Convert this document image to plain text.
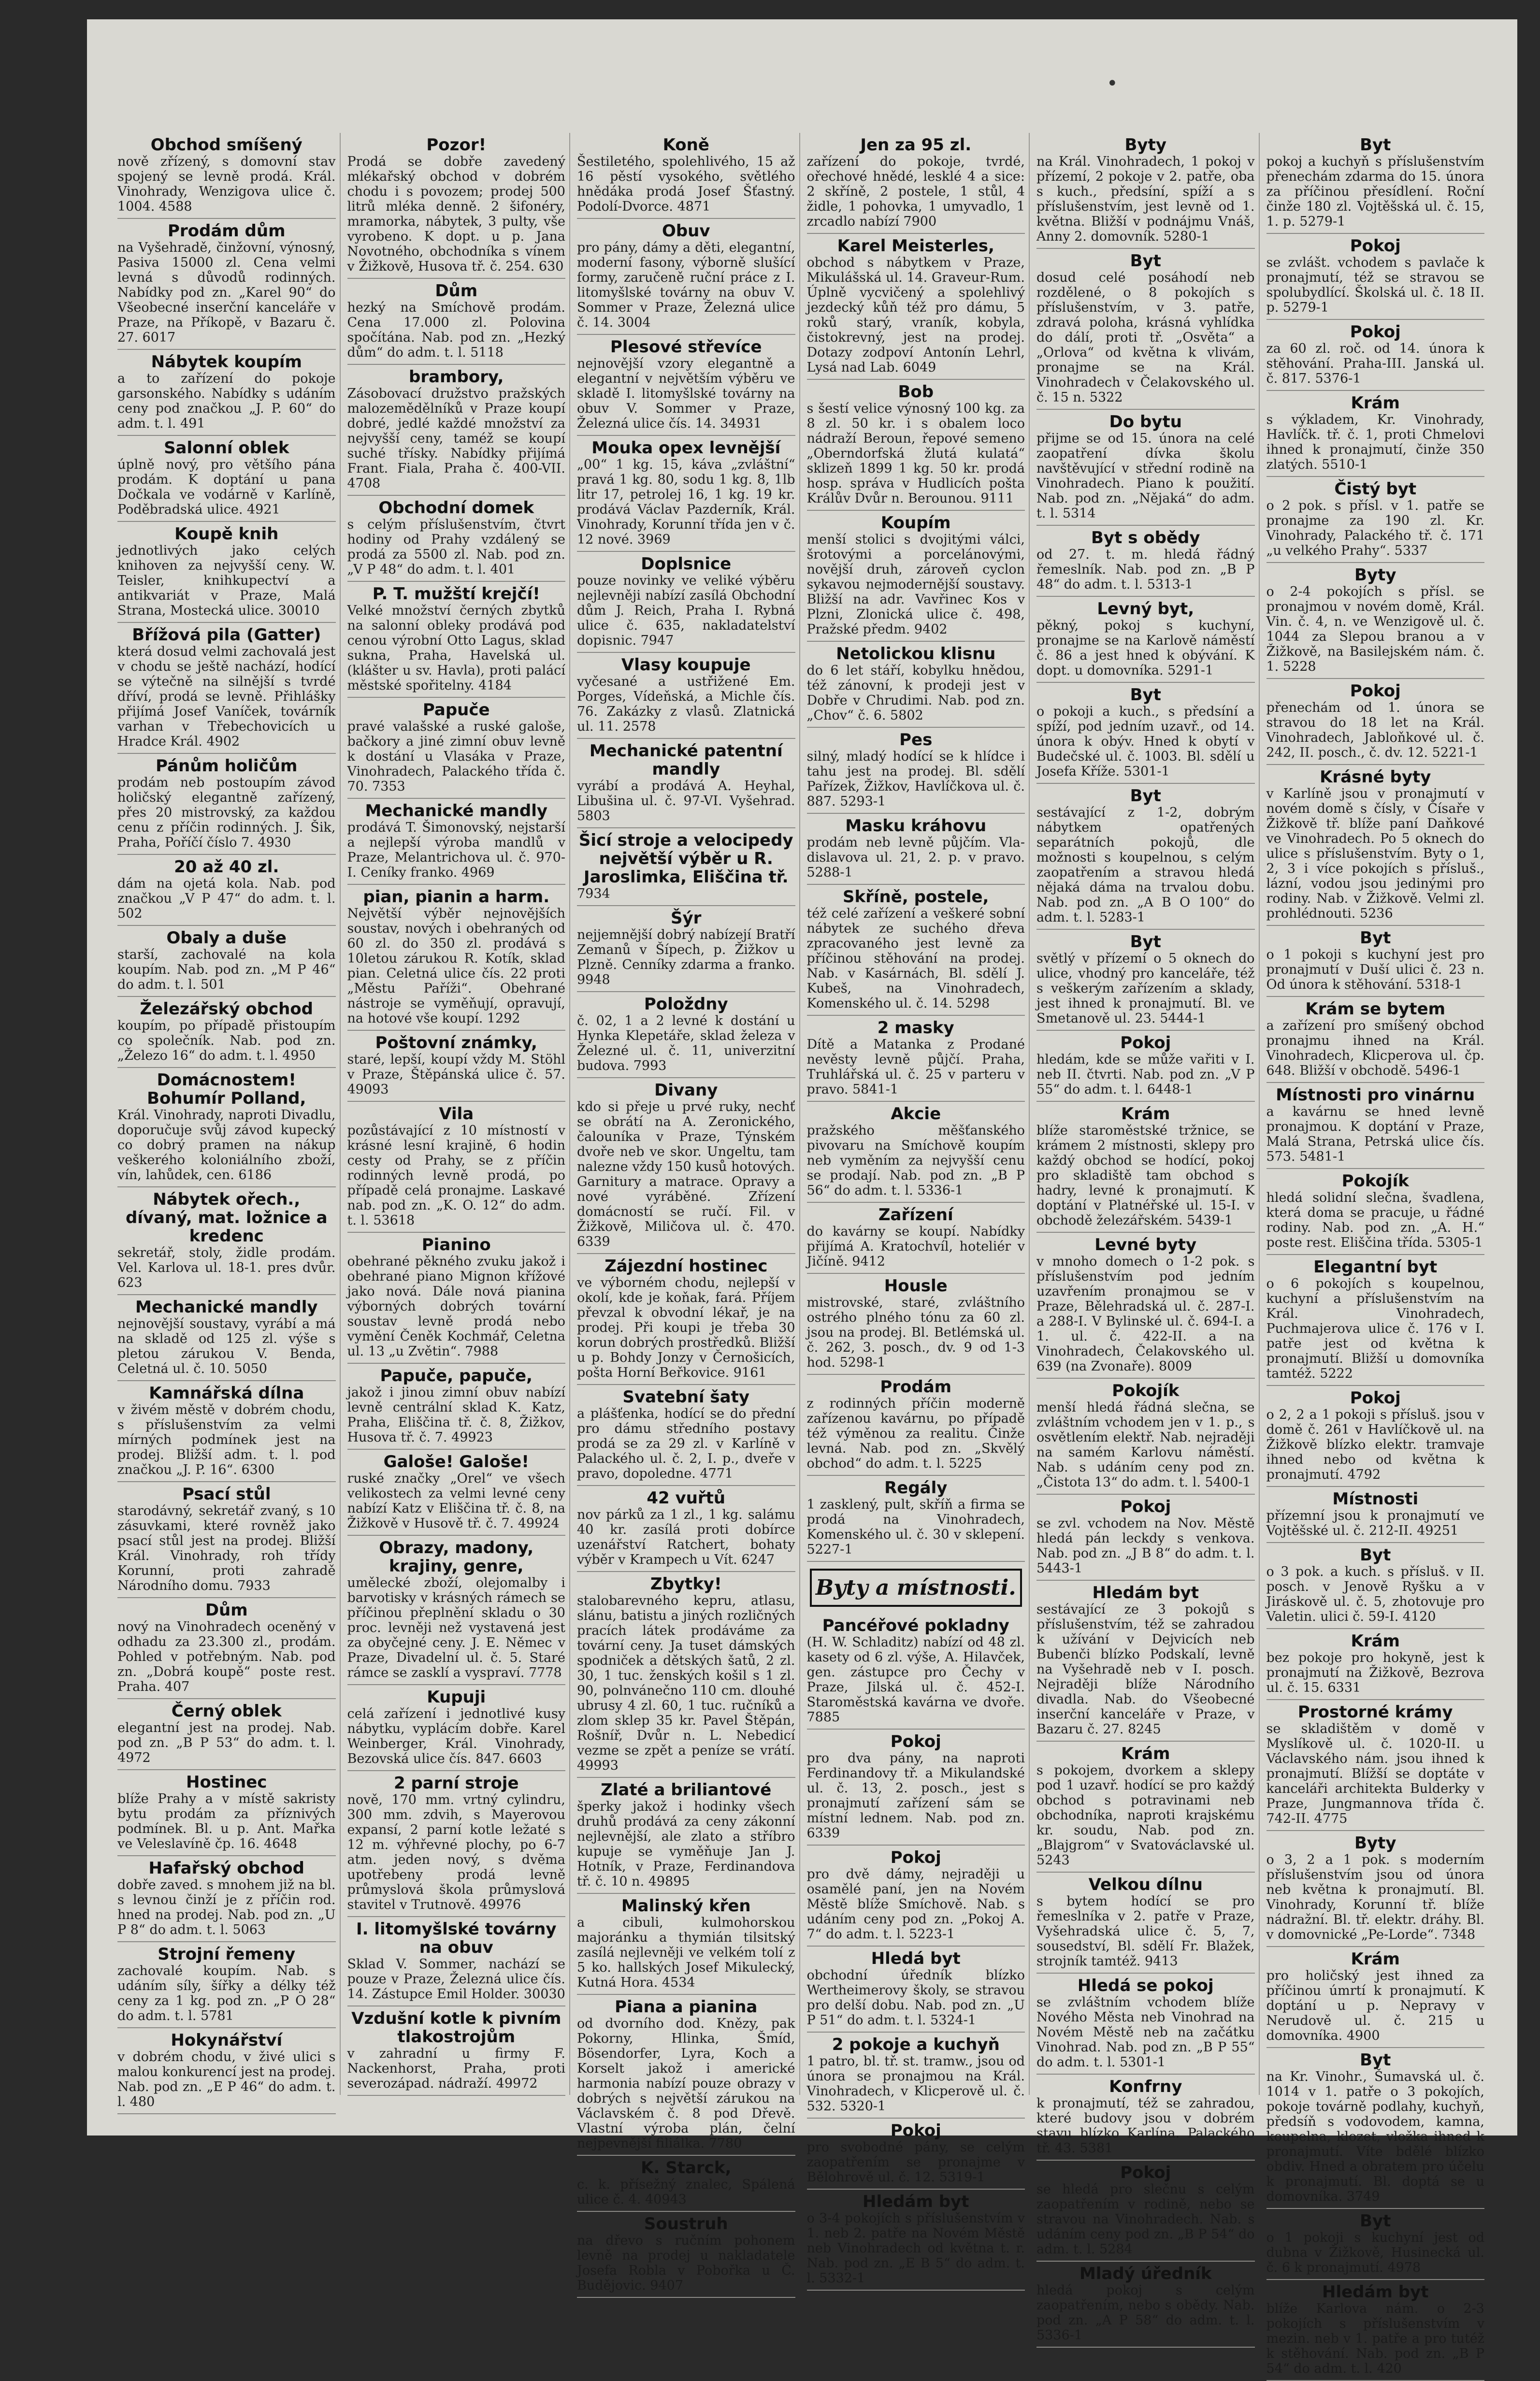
•
Obchod smíšený
nově zřízený, s domovní stav spojený se levně prodá. Král. Vinohrady, Wenzigova ulice č. 1004. 4588
Prodám dům
na Vyšehradě, činžovní, výnosný, Pasiva 15000 zl. Cena velmi levná s důvodů rodinných. Nabídky pod zn. „Karel 90“ do Všeobecné inserční kanceláře v Praze, na Příkopě, v Bazaru č. 27. 6017
Nábytek koupím
a to zařízení do pokoje garsonského. Nabídky s udáním ceny pod značkou „J. P. 60“ do adm. t. l. 491
Salonní oblek
úplně nový, pro většího pána prodám. K doptání u pana Dočkala ve vodárně v Karlíně, Poděbradská ulice. 4921
Koupě knih
jednotlivých jako celých knihoven za nejvyšší ceny. W. Teisler, knihkupectví a antikvariát v Praze, Malá Strana, Mostecká ulice. 30010
Břížová pila (Gatter)
která dosud velmi zachovalá jest v chodu se ještě nachází, hodící se výtečně na silnější s tvrdé dříví, prodá se levně. Přihlášky přijímá Josef Vaníček, továrník varhan v Třebechovicích u Hradce Král. 4902
Pánům holičům
prodám neb postoupím závod holičský elegantně zařízený, přes 20 mistrovský, za každou cenu z příčin rodinných. J. Šik, Praha, Poříčí číslo 7. 4930
20 až 40 zl.
dám na ojetá kola. Nab. pod značkou „V P 47“ do adm. t. l. 502
Obaly a duše
starší, zachovalé na kola koupím. Nab. pod zn. „M P 46“ do adm. t. l. 501
Železářský obchod
koupím, po případě přistoupím co společník. Nab. pod zn. „Železo 16“ do adm. t. l. 4950
Domácnostem! Bohumír Polland,
Král. Vinohrady, naproti Divadlu, doporučuje svůj závod kupecký co dobrý pramen na nákup veškerého koloniálního zboží, vín, lahůdek, cen. 6186
Nábytek ořech., dívaný, mat. ložnice a kredenc
sekretář, stoly, židle prodám. Vel. Karlova ul. 18-1. pres dvůr. 623
Mechanické mandly
nejnovější soustavy, vyrábí a má na skladě od 125 zl. výše s pletou zárukou V. Benda, Celetná ul. č. 10. 5050
Kamnářská dílna
v živém městě v dobrém chodu, s příslušenstvím za velmi mírných podmínek jest na prodej. Bližší adm. t. l. pod značkou „J. P. 16“. 6300
Psací stůl
starodávný, sekretář zvaný, s 10 zásuvkami, které rovněž jako psací stůl jest na prodej. Bližší Král. Vinohrady, roh třídy Korunní, proti zahradě Národního domu. 7933
Dům
nový na Vinohradech oceněný v odhadu za 23.300 zl., prodám. Pohled v potřebným. Nab. pod zn. „Dobrá koupě“ poste rest. Praha. 407
Černý oblek
elegantní jest na prodej. Nab. pod zn. „B P 53“ do adm. t. l. 4972
Hostinec
blíže Prahy a v místě sakristy bytu prodám za příznivých podmínek. Bl. u p. Ant. Mařka ve Veleslavíně čp. 16. 4648
Hafařský obchod
dobře zaved. s mnohem již na bl. s levnou činží je z příčin rod. hned na prodej. Nab. pod zn. „U P 8“ do adm. t. l. 5063
Strojní řemeny
zachovalé koupím. Nab. s udáním síly, šířky a délky též ceny za 1 kg. pod zn. „P O 28“ do adm. t. l. 5781
Hokynářství
v dobrém chodu, v živé ulici s malou konkurencí jest na prodej. Nab. pod zn. „E P 46“ do adm. t. l. 480
Pozor!
Prodá se dobře zavedený mlékařský obchod v dobrém chodu i s povozem; prodej 500 litrů mléka denně. 2 šifonéry, mramorka, nábytek, 3 pulty, vše vyrobeno. K dopt. u p. Jana Novotného, obchodníka s vínem v Žižkově, Husova tř. č. 254. 630
Dům
hezký na Smíchově prodám. Cena 17.000 zl. Polovina spočítána. Nab. pod zn. „Hezký dům“ do adm. t. l. 5118
brambory,
Zásobovací družstvo pražských malozemědělníků v Praze koupí dobré, jedlé každé množství za nejvyšší ceny, taméž se koupí suché třísky. Nabídky přijímá Frant. Fiala, Praha č. 400-VII. 4708
Obchodní domek
s celým příslušenstvím, čtvrt hodiny od Prahy vzdálený se prodá za 5500 zl. Nab. pod zn. „V P 48“ do adm. t. l. 401
P. T. mužští krejčí!
Velké množství černých zbytků na salonní obleky prodává pod cenou výrobní Otto Lagus, sklad sukna, Praha, Havelská ul. (klášter u sv. Havla), proti palácí městské spořitelny. 4184
Papuče
pravé valašské a ruské galoše, bačkory a jiné zimní obuv levně k dostání u Vlasáka v Praze, Vinohradech, Palackého třída č. 70. 7353
Mechanické mandly
prodává T. Šimonovský, nejstarší a nejlepší výroba mandlů v Praze, Melantrichova ul. č. 970-I. Ceníky franko. 4969
pian, pianin a harm.
Největší výběr nejnovějších soustav, nových i obehraných od 60 zl. do 350 zl. prodává s 10letou zárukou R. Kotík, sklad pian. Celetná ulice čís. 22 proti „Městu Paříži“. Obehrané nástroje se vyměňují, opravují, na hotové vše koupí. 1292
Poštovní známky,
staré, lepší, koupí vždy M. Stöhl v Praze, Štěpánská ulice č. 57. 49093
Vila
pozůstávající z 10 místností v krásné lesní krajině, 6 hodin cesty od Prahy, se z příčin rodinných levně prodá, po případě celá pronajme. Laskavé nab. pod zn. „K. O. 12“ do adm. t. l. 53618
Pianino
obehrané pěkného zvuku jakož i obehrané piano Mignon křížové jako nová. Dále nová pianina výborných dobrých tovární soustav levně prodá nebo vymění Čeněk Kochmář, Celetna ul. 13 „u Zvětin“. 7988
Papuče, papuče,
jakož i jinou zimní obuv nabízí levně centrální sklad K. Katz, Praha, Eliščina tř. č. 8, Žižkov, Husova tř. č. 7. 49923
Galoše! Galoše!
ruské značky „Orel“ ve všech velikostech za velmi levné ceny nabízí Katz v Eliščina tř. č. 8, na Žižkově v Husově tř. č. 7. 49924
Obrazy, madony, krajiny, genre,
umělecké zboží, olejomalby i barvotisky v krásných rámech se příčinou přeplnění skladu o 30 proc. levněji než vystavená jest za obyčejné ceny. J. E. Němec v Praze, Divadelní ul. č. 5. Staré rámce se zasklí a vyspraví. 7778
Kupuji
celá zařízení i jednotlivé kusy nábytku, vyplácím dobře. Karel Weinberger, Král. Vinohrady, Bezovská ulice čís. 847. 6603
2 parní stroje
nově, 170 mm. vrtný cylindru, 300 mm. zdvih, s Mayerovou expansí, 2 parní kotle ležaté s 12 m. výhřevné plochy, po 6-7 atm. jeden nový, s dvěma upotřebeny prodá levně průmyslová škola průmyslová stavitel v Trutnově. 49976
I. litomyšlské továrny na obuv
Sklad V. Sommer, nachází se pouze v Praze, Železná ulice čís. 14. Zástupce Emil Holder. 30030
Vzdušní kotle k pivním tlakostrojům
v zahradní u firmy F. Nackenhorst, Praha, proti severozápad. nádraží. 49972
Koně
Šestiletého, spolehlivého, 15 až 16 pěstí vysokého, světlého hnědáka prodá Josef Šťastný. Podolí-Dvorce. 4871
Obuv
pro pány, dámy a děti, elegantní, moderní fasony, výborně slušící formy, zaručeně ruční práce z I. litomyšlské továrny na obuv V. Sommer v Praze, Železná ulice č. 14. 3004
Plesové střevíce
nejnovější vzory elegantně a elegantní v největším výběru ve skladě I. litomyšlské továrny na obuv V. Sommer v Praze, Železná ulice čís. 14. 34931
Mouka opex levnější
„00“ 1 kg. 15, káva „zvláštní“ pravá 1 kg. 80, sodu 1 kg. 8, 1lb litr 17, petrolej 16, 1 kg. 19 kr. prodává Václav Pazderník, Král. Vinohrady, Korunní třída jen v č. 12 nové. 3969
Doplsnice
pouze novinky ve veliké výběru nejlevněji nabízí zasílá Obchodní dům J. Reich, Praha I. Rybná ulice č. 635, nakladatelství dopisnic. 7947
Vlasy koupuje
vyčesané a ustřižené Em. Porges, Vídeňská, a Michle čís. 76. Zakázky z vlasů. Zlatnická ul. 11. 2578
Mechanické patentní mandly
vyrábí a prodává A. Heyhal, Libušina ul. č. 97-VI. Vyšehrad. 5803
Šicí stroje a velocipedy největší výběr u R. Jaroslimka, Eliščina tř.
7934
Šýr
nejjemnější dobrý nabízejí Bratří Zemanů v Šípech, p. Žižkov u Plzně. Cenníky zdarma a franko. 9948
Položdny
č. 02, 1 a 2 levné k dostání u Hynka Klepetáře, sklad železa v Železné ul. č. 11, univerzitní budova. 7993
Divany
kdo si přeje u prvé ruky, nechť se obrátí na A. Zeronického, čalouníka v Praze, Týnském dvoře neb ve skor. Ungeltu, tam nalezne vždy 150 kusů hotových. Garnitury a matrace. Opravy a nové vyráběné. Zřízení domácností se ručí. Fil. v Žižkově, Miličova ul. č. 470. 6339
Zájezdní hostinec
ve výborném chodu, nejlepší v okolí, kde je koňak, fará. Příjem převzal k obvodní lékař, je na prodej. Při koupi je třeba 30 korun dobrých prostředků. Bližší u p. Bohdy Jonzy v Černošicích, pošta Horní Beřkovice. 9161
Svatební šaty
a plášťenka, hodící se do přední pro dámu středního postavy prodá se za 29 zl. v Karlíně v Palackého ul. č. 2, I. p., dveře v pravo, dopoledne. 4771
42 vuřtů
nov párků za 1 zl., 1 kg. salámu 40 kr. zasílá proti dobírce uzenářství Ratchert, bohaty výběr v Krampech u Vít. 6247
Zbytky!
stalobarevného kepru, atlasu, slánu, batistu a jiných rozličných pracích látek prodáváme za tovární ceny. Ja tuset dámských spodniček a dětských šatů, 2 zl. 30, 1 tuc. ženských košil s 1 zl. 90, polnvánečno 110 cm. dlouhé ubrusy 4 zl. 60, 1 tuc. ručníků a zlom sklep 35 kr. Pavel Štěpán, Rošníř, Dvůr n. L. Nebedicí vezme se zpět a peníze se vrátí. 49993
Zlaté a briliantové
šperky jakož i hodinky všech druhů prodává za ceny zákonní nejlevnější, ale zlato a stříbro kupuje se vyměňuje Jan J. Hotník, v Praze, Ferdinandova tř. č. 10 n. 49895
Malinský křen
a cibuli, kulmohorskou majoránku a thymián tilsitský zasílá nejlevněji ve velkém tolí z 5 ko. hallských Josef Mikulecký, Kutná Hora. 4534
Piana a pianina
od dvorního dod. Knězy, pak Pokorny, Hlinka, Šmíd, Bösendorfer, Lyra, Koch a Korselt jakož i americké harmonia nabízí pouze obrazy v dobrých s největší zárukou na Václavském č. 8 pod Dřevě. Vlastní výroba plán, čelní nejpevnější filiálka. 7780
K. Starck,
c. k. přísežný znalec, Spálená ulice č. 4. 40943
Soustruh
na dřevo s ručním pohonem levně na prodej u nakladatele Josefa Robla v Pobořka u Č. Budějovic. 9407
Jen za 95 zl.
zařízení do pokoje, tvrdé, ořechové hnědé, lesklé 4 a sice: 2 skříně, 2 postele, 1 stůl, 4 židle, 1 pohovka, 1 umyvadlo, 1 zrcadlo nabízí 7900
Karel Meisterles,
obchod s nábytkem v Praze, Mikulášská ul. 14. Graveur-Rum. Úplně vycvičený a spolehlivý jezdecký kůň též pro dámu, 5 roků starý, vraník, kobyla, čistokrevný, jest na prodej. Dotazy zodpoví Antonín Lehrl, Lysá nad Lab. 6049
Bob
s šestí velice výnosný 100 kg. za 8 zl. 50 kr. i s obalem loco nádraží Beroun, řepové semeno „Oberndorfská žlutá kulatá“ sklizeň 1899 1 kg. 50 kr. prodá hosp. správa v Hudlicích pošta Králův Dvůr n. Berounou. 9111
Koupím
menší stolici s dvojitými válci, šrotovými a porcelánovými, novější druh, zároveň cyclon sykavou nejmodernější soustavy. Bližší na adr. Vavřinec Kos v Plzni, Zlonická ulice č. 498, Pražské předm. 9402
Netolickou klisnu
do 6 let stáří, kobylku hnědou, též zánovní, k prodeji jest v Dobře v Chrudimi. Nab. pod zn. „Chov“ č. 6. 5802
Pes
silný, mladý hodící se k hlídce i tahu jest na prodej. Bl. sdělí Pařízek, Žižkov, Havlíčkova ul. č. 887. 5293-1
Masku kráhovu
prodám neb levně půjčím. Vla-dislavova ul. 21, 2. p. v pravo. 5288-1
Skříně, postele,
též celé zařízení a veškeré sobní nábytek ze suchého dřeva zpracovaného jest levně za příčinou stěhování na prodej. Nab. v Kasárnách, Bl. sdělí J. Kubeš, na Vinohradech, Komenského ul. č. 14. 5298
2 masky
Dítě a Matanka z Prodané nevěsty levně půjčí. Praha, Truhlářská ul. č. 25 v parteru v pravo. 5841-1
Akcie
pražského měšťanského pivovaru na Smíchově koupím neb vyměním za nejvyšší cenu se prodají. Nab. pod zn. „B P 56“ do adm. t. l. 5336-1
Zařízení
do kavárny se koupí. Nabídky přijímá A. Kratochvíl, hoteliér v Jičíně. 9412
Housle
mistrovské, staré, zvláštního ostrého plného tónu za 60 zl. jsou na prodej. Bl. Betlémská ul. č. 262, 3. posch., dv. 9 od 1-3 hod. 5298-1
Prodám
z rodinných příčin moderně zařízenou kavárnu, po případě též výměnou za realitu. Činže levná. Nab. pod zn. „Skvělý obchod“ do adm. t. l. 5225
Regály
1 zasklený, pult, skříň a firma se prodá na Vinohradech, Komenského ul. č. 30 v sklepení. 5227-1
Byty a místnosti.
Pancéřové pokladny
(H. W. Schladitz) nabízí od 48 zl. kasety od 6 zl. výše, A. Hilavček, gen. zástupce pro Čechy v Praze, Jilská ul. č. 452-I. Staroměstská kavárna ve dvoře. 7885
Pokoj
pro dva pány, na naproti Ferdinandovy tř. a Mikulandské ul. č. 13, 2. posch., jest s pronajmutí zařízení sám se místní lednem. Nab. pod zn. 6339
Pokoj
pro dvě dámy, nejraději u osamělé paní, jen na Novém Městě blíže Smíchově. Nab. s udáním ceny pod zn. „Pokoj A. 7“ do adm. t. l. 5223-1
Hledá byt
obchodní úředník blízko Wertheimerovy školy, se stravou pro delší dobu. Nab. pod zn. „U P 51“ do adm. t. l. 5324-1
2 pokoje a kuchyň
1 patro, bl. tř. st. tramw., jsou od února se pronajmou na Král. Vinohradech, v Klicperově ul. č. 532. 5320-1
Pokoj
pro svobodné pány, se celým zaopatřením se pronajme v Bělohrově ul. č. 12. 5319-1
Hledám byt
o 3-4 pokojích s příslušenstvím v 1. neb 2. patře na Novém Městě neb Vinohradech od května t. r. Nab. pod zn. „E B 5“ do adm. t. l. 5332-1
Byty
na Král. Vinohradech, 1 pokoj v přízemí, 2 pokoje v 2. patře, oba s kuch., předsíní, spíží a s příslušenstvím, jest levně od 1. května. Bližší v podnájmu Vnáš, Anny 2. domovník. 5280-1
Byt
dosud celé posáhodí neb rozdělené, o 8 pokojích s příslušenstvím, v 3. patře, zdravá poloha, krásná vyhlídka do dálí, proti tř. „Osvěta“ a „Orlova“ od května k vlivám, pronajme se na Král. Vinohradech v Čelakovského ul. č. 15 n. 5322
Do bytu
přijme se od 15. února na celé zaopatření dívka školu navštěvující v střední rodině na Vinohradech. Piano k použití. Nab. pod zn. „Nějaká“ do adm. t. l. 5314
Byt s obědy
od 27. t. m. hledá řádný řemeslník. Nab. pod zn. „B P 48“ do adm. t. l. 5313-1
Levný byt,
pěkný, pokoj s kuchyní, pronajme se na Karlově náměstí č. 86 a jest hned k obývání. K dopt. u domovníka. 5291-1
Byt
o pokoji a kuch., s předsíní a spíží, pod jedním uzavř., od 14. února k obýv. Hned k obytí v Budečské ul. č. 1003. Bl. sdělí u Josefa Kříže. 5301-1
Byt
sestávající z 1-2, dobrým nábytkem opatřených separátních pokojů, dle možnosti s koupelnou, s celým zaopatřením a stravou hledá nějaká dáma na trvalou dobu. Nab. pod zn. „A B O 100“ do adm. t. l. 5283-1
Byt
světlý v přízemí o 5 oknech do ulice, vhodný pro kanceláře, též s veškerým zařízením a sklady, jest ihned k pronajmutí. Bl. ve Smetanově ul. 23. 5444-1
Pokoj
hledám, kde se může vařiti v I. neb II. čtvrti. Nab. pod zn. „V P 55“ do adm. t. l. 6448-1
Krám
blíže staroměstské tržnice, se krámem 2 místnosti, sklepy pro každý obchod se hodící, pokoj pro skladiště tam obchod s hadry, levné k pronajmutí. K doptání v Platnéřské ul. 15-I. v obchodě železářském. 5439-1
Levné byty
v mnoho domech o 1-2 pok. s příslušenstvím pod jedním uzavřením pronajmou se v Praze, Bělehradská ul. č. 287-I. a 288-I. V Bylinské ul. č. 694-I. a 1. ul. č. 422-II. a na Vinohradech, Čelakovského ul. 639 (na Zvonaře). 8009
Pokojík
menší hledá řádná slečna, se zvláštním vchodem jen v 1. p., s osvětlením elektř. Nab. nejraději na samém Karlovu náměstí. Nab. s udáním ceny pod zn. „Čistota 13“ do adm. t. l. 5400-1
Pokoj
se zvl. vchodem na Nov. Městě hledá pán leckdy s venkova. Nab. pod zn. „J B 8“ do adm. t. l. 5443-1
Hledám byt
sestávající ze 3 pokojů s příslušenstvím, též se zahradou k užívání v Dejvicích neb Bubenči blízko Podskalí, levně na Vyšehradě neb v I. posch. Nejraději blíže Národního divadla. Nab. do Všeobecné inserční kanceláře v Praze, v Bazaru č. 27. 8245
Krám
s pokojem, dvorkem a sklepy pod 1 uzavř. hodící se pro každý obchod s potravinami neb obchodníka, naproti krajskému kr. soudu, Nab. pod zn. „Blajgrom“ v Svatováclavské ul. 5243
Velkou dílnu
s bytem hodící se pro řemeslníka v 2. patře v Praze, Vyšehradská ulice č. 5, 7, sousedství, Bl. sdělí Fr. Blažek, strojník tamtéž. 9413
Hledá se pokoj
se zvláštním vchodem blíže Nového Města neb Vinohrad na Novém Městě neb na začátku Vinohrad. Nab. pod zn. „B P 55“ do adm. t. l. 5301-1
Konfrny
k pronajmutí, též se zahradou, které budovy jsou v dobrém stavu blízko Karlína. Palackého tř. 43. 5381
Pokoj
se hledá pro slečnu s celým zaopatřením v rodině, nebo se stravou na Vinohradech. Nab. s udáním ceny pod zn. „B P 54“ do adm. t. l. 5284
Mladý úředník
hledá pokoj s celým zaopatřením, nebo s obědy. Nab. pod zn. „A P 58“ do adm. t. l. 5336-1
Byt
pokoj a kuchyň s příslušenstvím přenechám zdarma do 15. února za příčinou přesídlení. Roční činže 180 zl. Vojtěšská ul. č. 15, 1. p. 5279-1
Pokoj
se zvlášt. vchodem s pavlače k pronajmutí, též se stravou se spolubydlící. Školská ul. č. 18 II. p. 5279-1
Pokoj
za 60 zl. roč. od 14. února k stěhování. Praha-III. Janská ul. č. 817. 5376-1
Krám
s výkladem, Kr. Vinohrady, Havlíčk. tř. č. 1, proti Chmelovi ihned k pronajmutí, činže 350 zlatých. 5510-1
Čistý byt
o 2 pok. s přísl. v 1. patře se pronajme za 190 zl. Kr. Vinohrady, Palackého tř. č. 171 „u velkého Prahy“. 5337
Byty
o 2-4 pokojích s přísl. se pronajmou v novém domě, Král. Vin. č. 4, n. ve Wenzigově ul. č. 1044 za Slepou branou a v Žižkově, na Basilejském nám. č. 1. 5228
Pokoj
přenechám od 1. února se stravou do 18 let na Král. Vinohradech, Jabloňkové ul. č. 242, II. posch., č. dv. 12. 5221-1
Krásné byty
v Karlíně jsou v pronajmutí v novém domě s čísly, v Čísaře v Žižkově tř. blíže paní Daňkové ve Vinohradech. Po 5 oknech do ulice s příslušenstvím. Byty o 1, 2, 3 i více pokojích s přísluš., lázní, vodou jsou jedinými pro rodiny. Nab. v Žižkově. Velmi zl. prohlédnouti. 5236
Byt
o 1 pokoji s kuchyní jest pro pronajmutí v Duší ulici č. 23 n. Od února k stěhování. 5318-1
Krám se bytem
a zařízení pro smíšený obchod pronajmu ihned na Král. Vinohradech, Klicperova ul. čp. 648. Bližší v obchodě. 5496-1
Místnosti pro vinárnu
a kavárnu se hned levně pronajmou. K doptání v Praze, Malá Strana, Petrská ulice čís. 573. 5481-1
Pokojík
hledá solidní slečna, švadlena, která doma se pracuje, u řádné rodiny. Nab. pod zn. „A. H.“ poste rest. Eliščina třída. 5305-1
Elegantní byt
o 6 pokojích s koupelnou, kuchyní a příslušenstvím na Král. Vinohradech, Puchmajerova ulice č. 176 v I. patře jest od května k pronajmutí. Bližší u domovníka tamtéž. 5222
Pokoj
o 2, 2 a 1 pokoji s přísluš. jsou v domě č. 261 v Havlíčkově ul. na Žižkově blízko elektr. tramvaje ihned nebo od května k pronajmutí. 4792
Místnosti
přízemní jsou k pronajmutí ve Vojtěšské ul. č. 212-II. 49251
Byt
o 3 pok. a kuch. s přísluš. v II. posch. v Jenově Ryšku a v Jiráskově ul. č. 5, zhotovuje pro Valetin. ulici č. 59-I. 4120
Krám
bez pokoje pro hokyně, jest k pronajmutí na Žižkově, Bezrova ul. č. 15. 6331
Prostorné krámy
se skladištěm v domě v Myslíkově ul. č. 1020-II. u Václavského nám. jsou ihned k pronajmutí. Blížší se doptáte v kanceláři architekta Bulderky v Praze, Jungmannova třída č. 742-II. 4775
Byty
o 3, 2 a 1 pok. s moderním příslušenstvím jsou od února neb května k pronajmutí. Bl. Vinohrady, Korunní tř. blíže nádražní. Bl. tř. elektr. dráhy. Bl. v domovnické „Pe-Lorde“. 7348
Krám
pro holičský jest ihned za příčinou úmrtí k pronajmutí. K doptání u p. Nepravy v Nerudově ul. č. 215 u domovníka. 4900
Byt
na Kr. Vinohr., Šumavská ul. č. 1014 v 1. patře o 3 pokojích, pokoje továrně podlahy, kuchyň, předsíň s vodovodem, kamna, koupelna, klozet, vložka ihned k pronajmutí. Víte bdělé blízko obdiv. Hned a obratem pro účelu k pronajmutí. Bl. doptá se u domovníka. 3749
Byt
o 1 pokoji s kuchyní jest od dubna v Žižkově, Husinecká ul. č. 6 k pronajmutí. 4978
Hledám byt
blíže Karlova nám. o 2-3 pokojích s příslušenstvím v mezin. neb v 1. patře a pro tutéž k stěhování. Nab. pod zn. „B P 54“ do adm. t. l. 420
